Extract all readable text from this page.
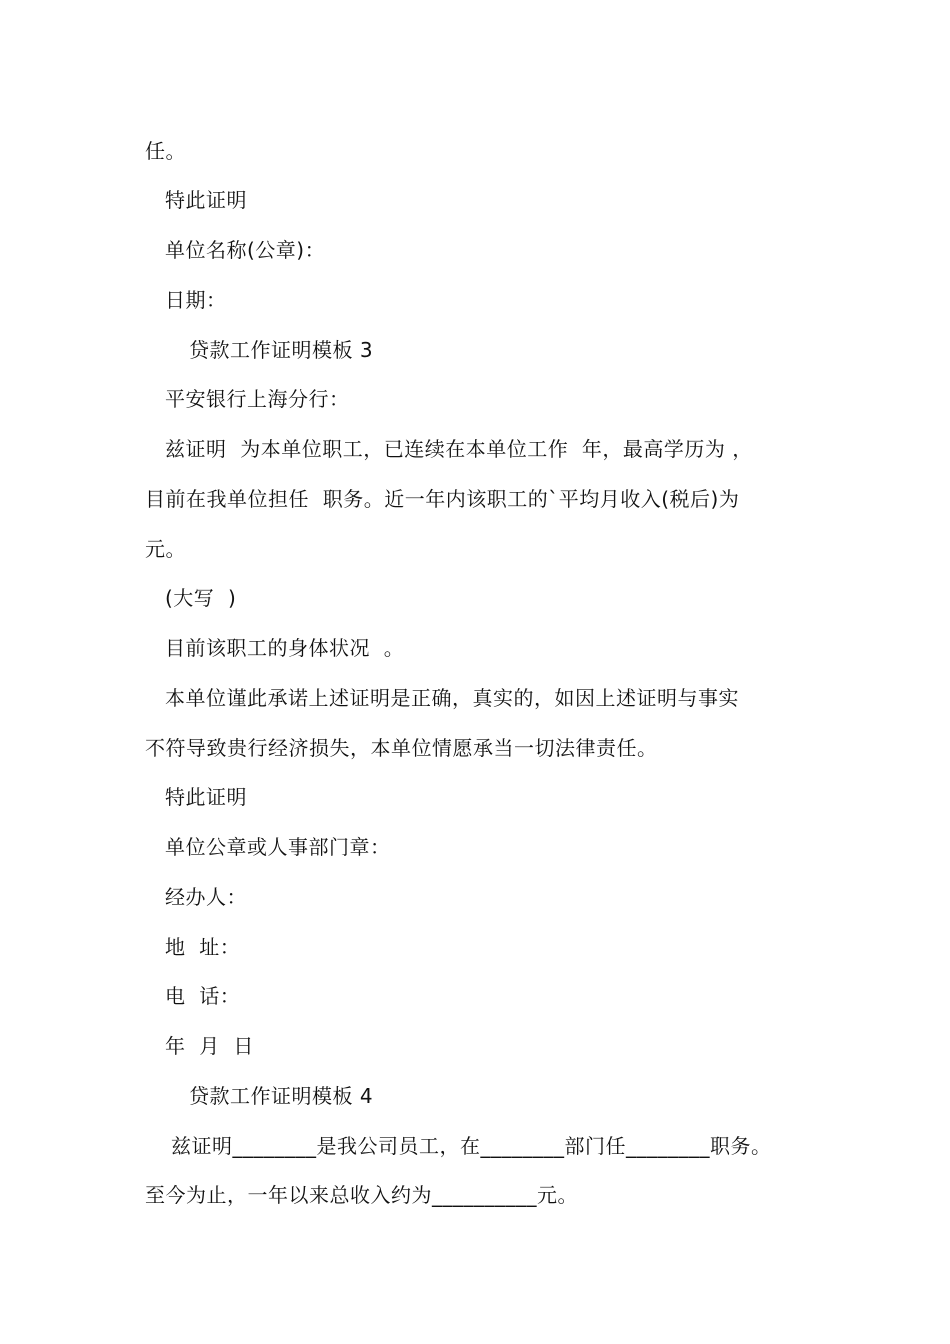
任。
特此证明
单位名称(公章)：
日期：
贷款工作证明模板 3
平安银行上海分行：
兹证明  为本单位职工，已连续在本单位工作  年，最高学历为 ，
目前在我单位担任  职务。近一年内该职工的`平均月收入(税后)为
元。
(大写  )
目前该职工的身体状况  。
本单位谨此承诺上述证明是正确，真实的，如因上述证明与事实
不符导致贵行经济损失，本单位情愿承当一切法律责任。
特此证明
单位公章或人事部门章：
经办人：
地  址：
电  话：
年  月  日
贷款工作证明模板 4
兹证明________是我公司员工，在________部门任________职务。
至今为止，一年以来总收入约为__________元。
